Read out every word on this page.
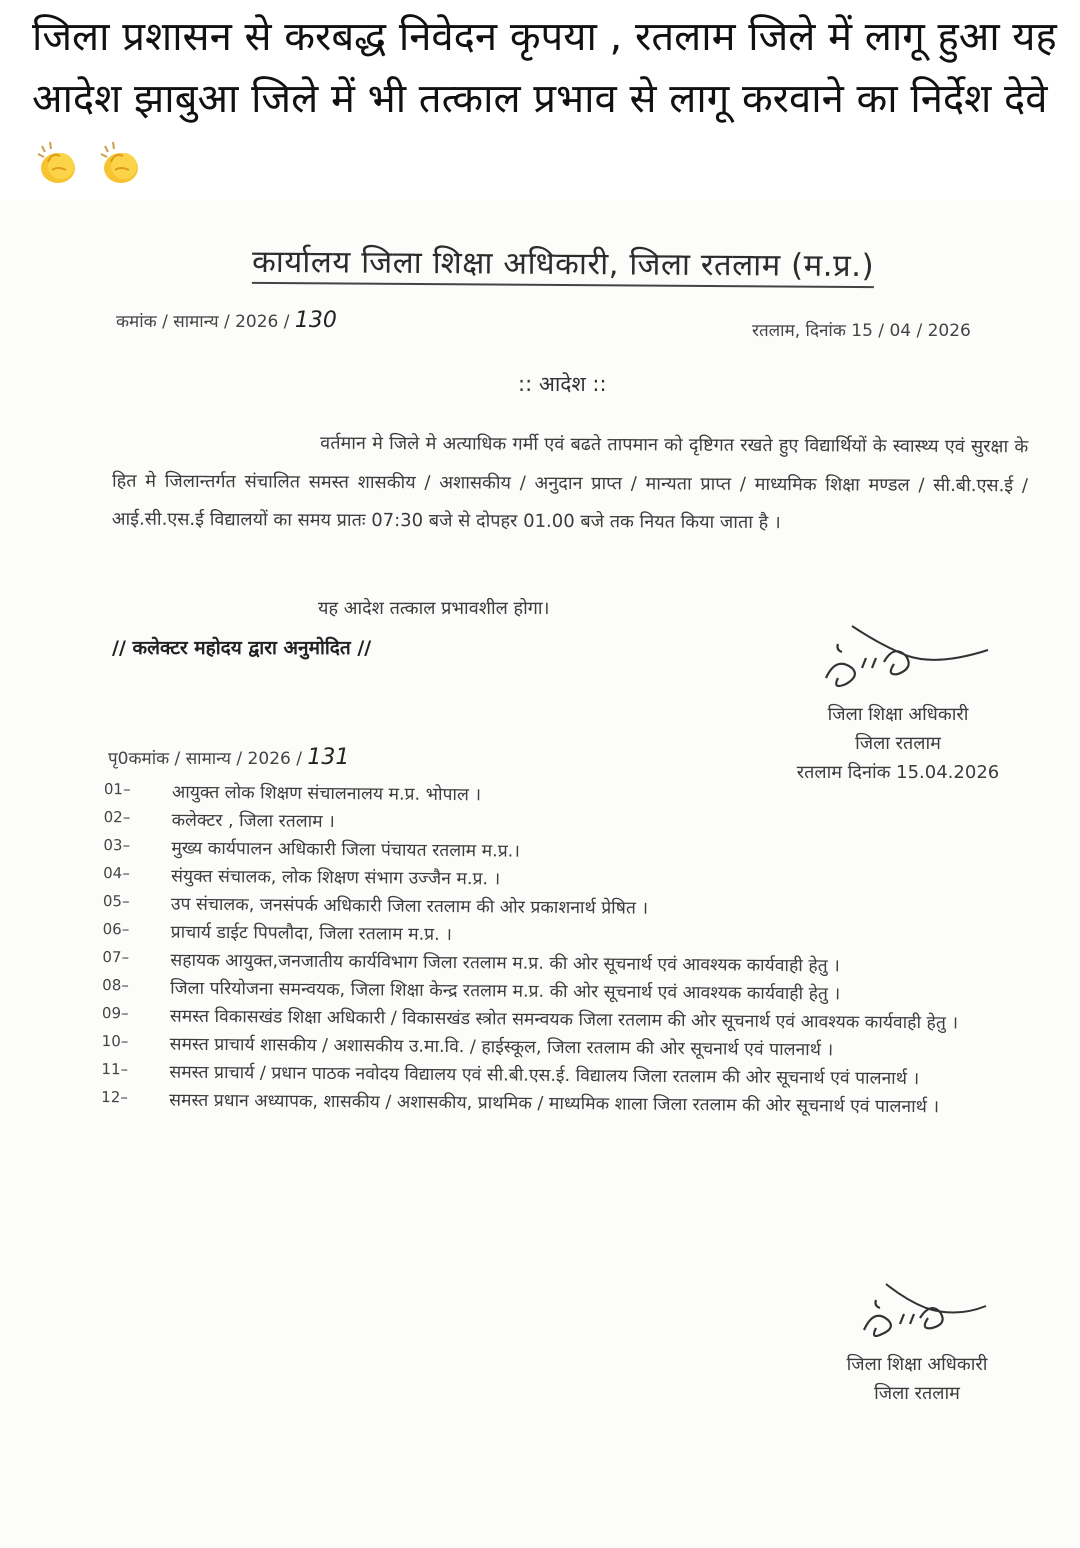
जिला प्रशासन से करबद्ध निवेदन कृपया , रतलाम जिले में लागू हुआ यह आदेश झाबुआ जिले में भी तत्काल प्रभाव से लागू करवाने का निर्देश देवे
कार्यालय जिला शिक्षा अधिकारी, जिला रतलाम (म.प्र.)
कमांक / सामान्य / 2026 / 130	रतलाम, दिनांक 15 / 04 / 2026
:: आदेश ::
वर्तमान मे जिले मे अत्याधिक गर्मी एवं बढते तापमान को दृष्टिगत रखते हुए विद्यार्थियों के स्वास्थ्य एवं सुरक्षा के हित मे जिलान्तर्गत संचालित समस्त शासकीय / अशासकीय / अनुदान प्राप्त / मान्यता प्राप्त / माध्यमिक शिक्षा मण्डल / सी.बी.एस.ई / आई.सी.एस.ई विद्यालयों का समय प्रातः 07:30 बजे से दोपहर 01.00 बजे तक नियत किया जाता है ।
यह आदेश तत्काल प्रभावशील होगा।
// कलेक्टर महोदय द्वारा अनुमोदित //
जिला शिक्षा अधिकारी
जिला रतलाम
रतलाम दिनांक 15.04.2026
पृ0कमांक / सामान्य / 2026 / 131
01–	आयुक्त लोक शिक्षण संचालनालय म.प्र. भोपाल ।
02–	कलेक्टर , जिला रतलाम ।
03–	मुख्य कार्यपालन अधिकारी जिला पंचायत रतलाम म.प्र.।
04–	संयुक्त संचालक, लोक शिक्षण संभाग उज्जैन म.प्र. ।
05–	उप संचालक, जनसंपर्क अधिकारी जिला रतलाम की ओर प्रकाशनार्थ प्रेषित ।
06–	प्राचार्य डाईट पिपलौदा, जिला रतलाम म.प्र. ।
07–	सहायक आयुक्त,जनजातीय कार्यविभाग जिला रतलाम म.प्र. की ओर सूचनार्थ एवं आवश्यक कार्यवाही हेतु ।
08–	जिला परियोजना समन्वयक, जिला शिक्षा केन्द्र रतलाम म.प्र. की ओर सूचनार्थ एवं आवश्यक कार्यवाही हेतु ।
09–	समस्त विकासखंड शिक्षा अधिकारी / विकासखंड स्त्रोत समन्वयक जिला रतलाम की ओर सूचनार्थ एवं आवश्यक कार्यवाही हेतु ।
10–	समस्त प्राचार्य शासकीय / अशासकीय उ.मा.वि. / हाईस्कूल, जिला रतलाम की ओर सूचनार्थ एवं पालनार्थ ।
11–	समस्त प्राचार्य / प्रधान पाठक नवोदय विद्यालय एवं सी.बी.एस.ई. विद्यालय जिला रतलाम की ओर सूचनार्थ एवं पालनार्थ ।
12–	समस्त प्रधान अध्यापक, शासकीय / अशासकीय, प्राथमिक / माध्यमिक शाला जिला रतलाम की ओर सूचनार्थ एवं पालनार्थ ।
जिला शिक्षा अधिकारी
जिला रतलाम
